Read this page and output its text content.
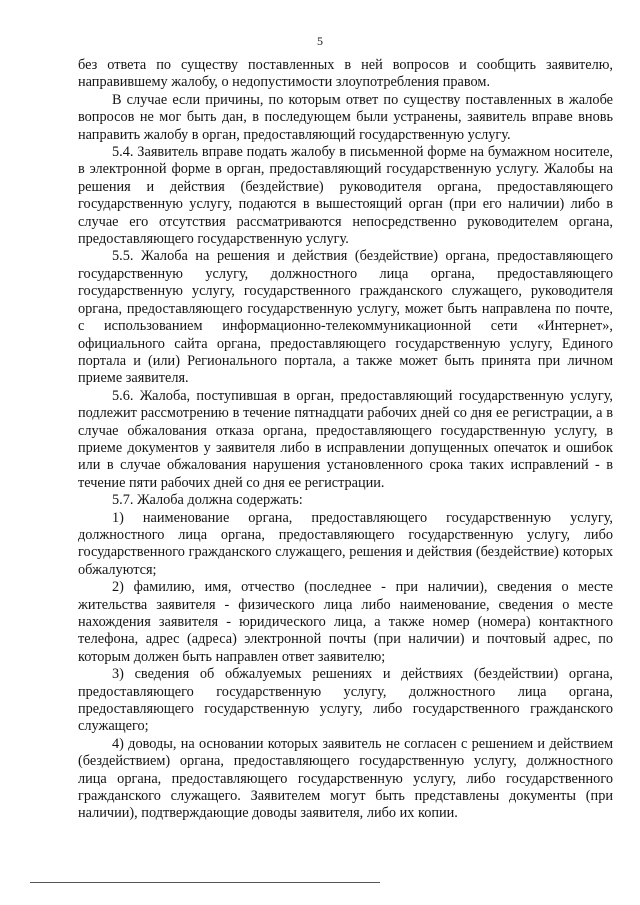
5

без ответа по существу поставленных в ней вопросов и сообщить заявителю, направившему жалобу, о недопустимости злоупотребления правом.

В случае если причины, по которым ответ по существу поставленных в жалобе вопросов не мог быть дан, в последующем были устранены, заявитель вправе вновь направить жалобу в орган, предоставляющий государственную услугу.

5.4. Заявитель вправе подать жалобу в письменной форме на бумажном носителе, в электронной форме в орган, предоставляющий государственную услугу. Жалобы на решения и действия (бездействие) руководителя органа, предоставляющего государственную услугу, подаются в вышестоящий орган (при его наличии) либо в случае его отсутствия рассматриваются непосредственно руководителем органа, предоставляющего государственную услугу.

5.5. Жалоба на решения и действия (бездействие) органа, предоставляющего государственную услугу, должностного лица органа, предоставляющего государственную услугу, государственного гражданского служащего, руководителя органа, предоставляющего государственную услугу, может быть направлена по почте, с использованием информационно-телекоммуникационной сети «Интернет», официального сайта органа, предоставляющего государственную услугу, Единого портала и (или) Регионального портала, а также может быть принята при личном приеме заявителя.

5.6. Жалоба, поступившая в орган, предоставляющий государственную услугу, подлежит рассмотрению в течение пятнадцати рабочих дней со дня ее регистрации, а в случае обжалования отказа органа, предоставляющего государственную услугу, в приеме документов у заявителя либо в исправлении допущенных опечаток и ошибок или в случае обжалования нарушения установленного срока таких исправлений - в течение пяти рабочих дней со дня ее регистрации.

5.7. Жалоба должна содержать:

1) наименование органа, предоставляющего государственную услугу, должностного лица органа, предоставляющего государственную услугу, либо государственного гражданского служащего, решения и действия (бездействие) которых обжалуются;

2) фамилию, имя, отчество (последнее - при наличии), сведения о месте жительства заявителя - физического лица либо наименование, сведения о месте нахождения заявителя - юридического лица, а также номер (номера) контактного телефона, адрес (адреса) электронной почты (при наличии) и почтовый адрес, по которым должен быть направлен ответ заявителю;

3) сведения об обжалуемых решениях и действиях (бездействии) органа, предоставляющего государственную услугу, должностного лица органа, предоставляющего государственную услугу, либо государственного гражданского служащего;

4) доводы, на основании которых заявитель не согласен с решением и действием (бездействием) органа, предоставляющего государственную услугу, должностного лица органа, предоставляющего государственную услугу, либо государственного гражданского служащего. Заявителем могут быть представлены документы (при наличии), подтверждающие доводы заявителя, либо их копии.
